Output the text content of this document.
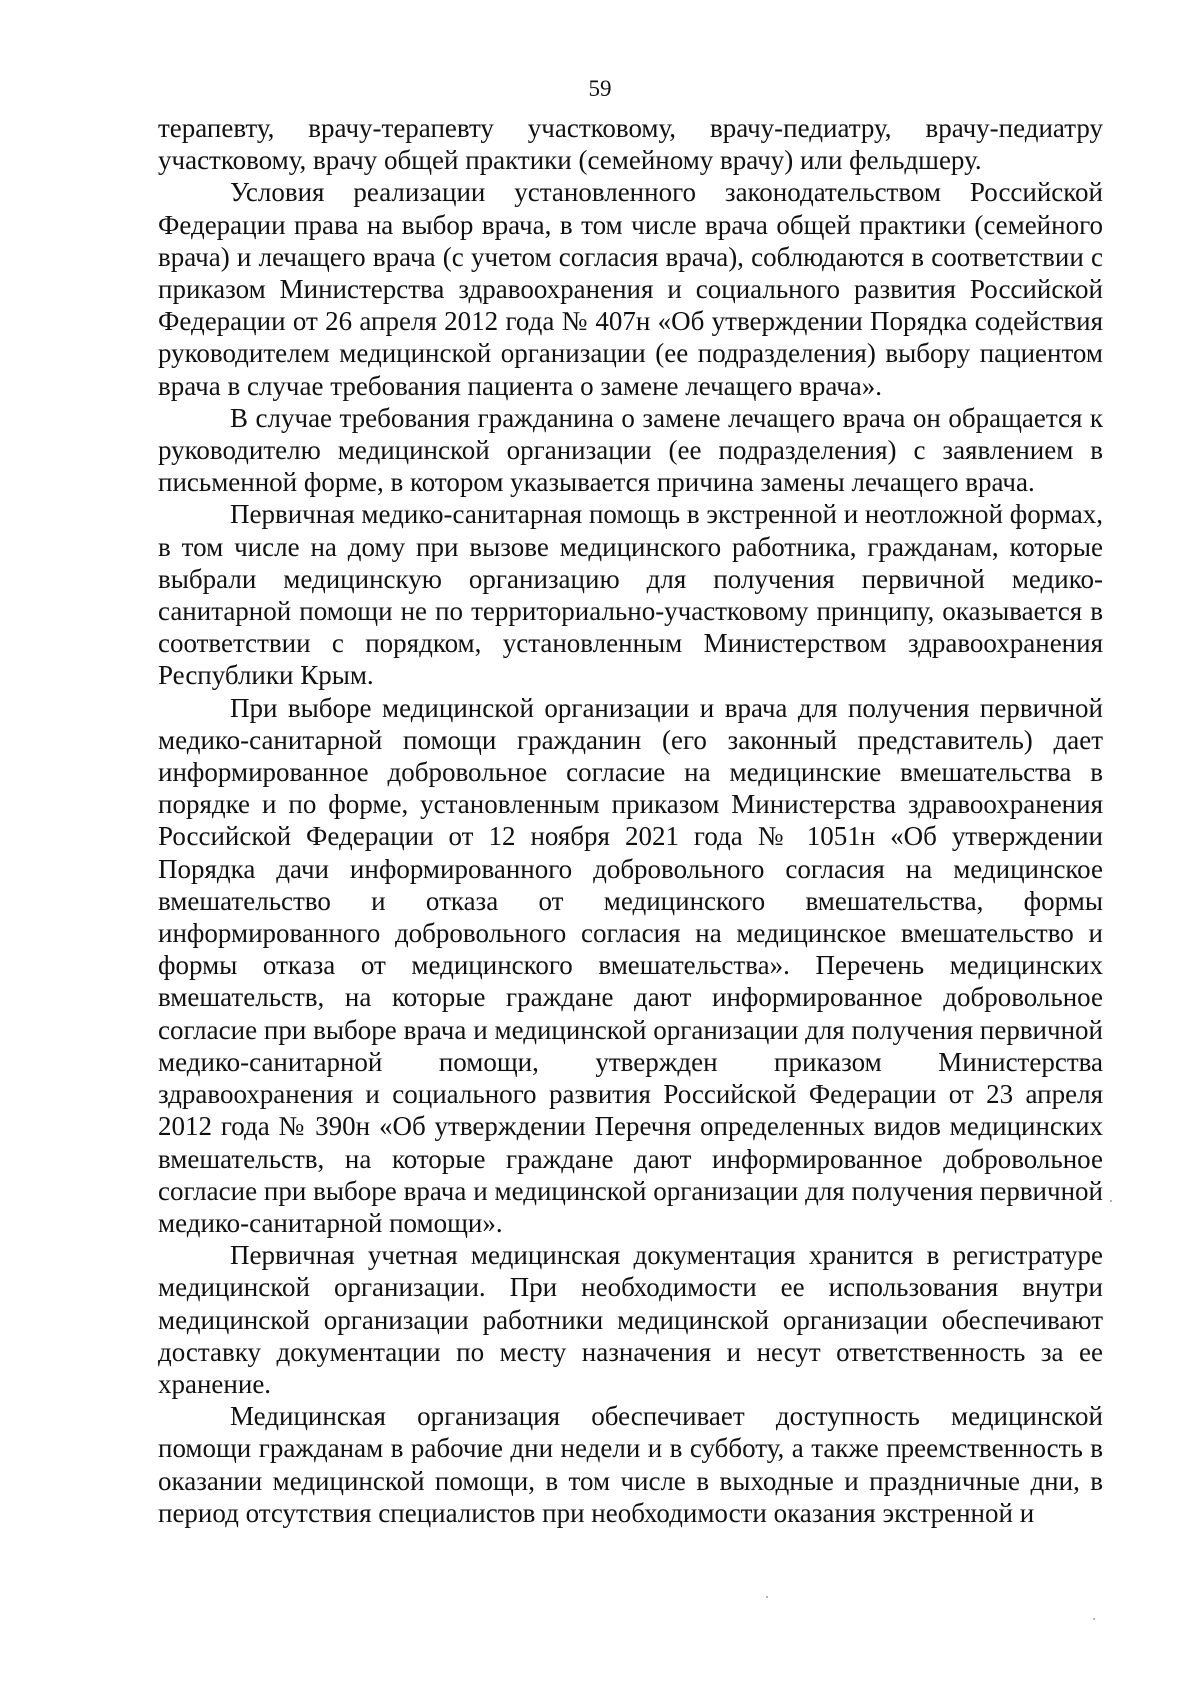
59

терапевту, врачу-терапевту участковому, врачу-педиатру, врачу-педиатру участковому, врачу общей практики (семейному врачу) или фельдшеру.

Условия реализации установленного законодательством Российской Федерации права на выбор врача, в том числе врача общей практики (семейного врача) и лечащего врача (с учетом согласия врача), соблюдаются в соответствии с приказом Министерства здравоохранения и социального развития Российской Федерации от 26 апреля 2012 года № 407н «Об утверждении Порядка содействия руководителем медицинской организации (ее подразделения) выбору пациентом врача в случае требования пациента о замене лечащего врача».

В случае требования гражданина о замене лечащего врача он обращается к руководителю медицинской организации (ее подразделения) с заявлением в письменной форме, в котором указывается причина замены лечащего врача.

Первичная медико-санитарная помощь в экстренной и неотложной формах, в том числе на дому при вызове медицинского работника, гражданам, которые выбрали медицинскую организацию для получения первичной медико-санитарной помощи не по территориально-участковому принципу, оказывается в соответствии с порядком, установленным Министерством здравоохранения Республики Крым.

При выборе медицинской организации и врача для получения первичной медико-санитарной помощи гражданин (его законный представитель) дает информированное добровольное согласие на медицинские вмешательства в порядке и по форме, установленным приказом Министерства здравоохранения Российской Федерации от 12 ноября 2021 года № 1051н «Об утверждении Порядка дачи информированного добровольного согласия на медицинское вмешательство и отказа от медицинского вмешательства, формы информированного добровольного согласия на медицинское вмешательство и формы отказа от медицинского вмешательства». Перечень медицинских вмешательств, на которые граждане дают информированное добровольное согласие при выборе врача и медицинской организации для получения первичной медико-санитарной помощи, утвержден приказом Министерства здравоохранения и социального развития Российской Федерации от 23 апреля 2012 года № 390н «Об утверждении Перечня определенных видов медицинских вмешательств, на которые граждане дают информированное добровольное согласие при выборе врача и медицинской организации для получения первичной медико-санитарной помощи».

Первичная учетная медицинская документация хранится в регистратуре медицинской организации. При необходимости ее использования внутри медицинской организации работники медицинской организации обеспечивают доставку документации по месту назначения и несут ответственность за ее хранение.

Медицинская организация обеспечивает доступность медицинской помощи гражданам в рабочие дни недели и в субботу, а также преемственность в оказании медицинской помощи, в том числе в выходные и праздничные дни, в период отсутствия специалистов при необходимости оказания экстренной и
